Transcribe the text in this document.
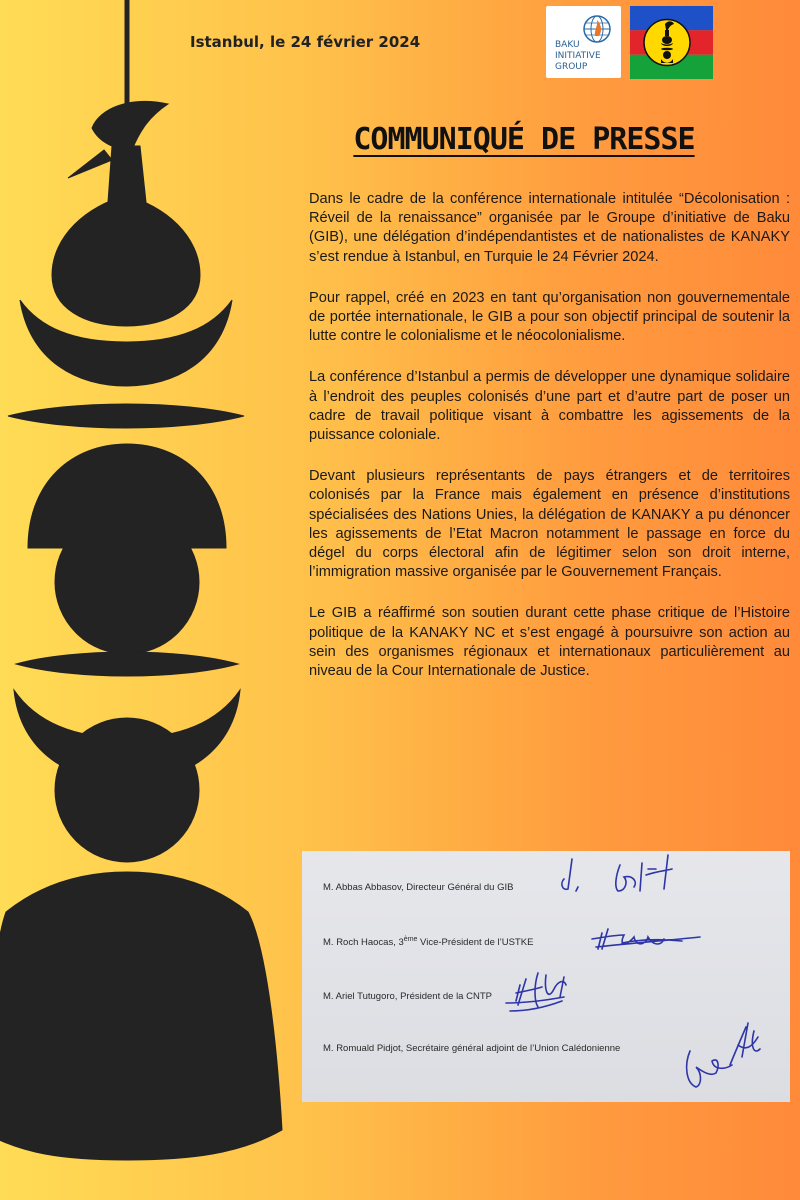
Istanbul, le 24 février 2024	BAKU
INITIATIVE
GROUP
COMMUNIQUÉ DE PRESSE

Dans le cadre de la conférence internationale intitulée “Décolonisation : Réveil de la renaissance” organisée par le Groupe d’initiative de Baku (GIB), une délégation d’indépendantistes et de nationalistes de KANAKY s’est rendue à Istanbul, en Turquie le 24 Février 2024.

Pour rappel, créé en 2023 en tant qu’organisation non gouvernementale de portée internationale, le GIB a pour son objectif principal de soutenir la lutte contre le colonialisme et le néocolonialisme.

La conférence d’Istanbul a permis de développer une dynamique solidaire à l’endroit des peuples colonisés d’une part et d’autre part de poser un cadre de travail politique visant à combattre les agissements de la puissance coloniale.

Devant plusieurs représentants de pays étrangers et de territoires colonisés par la France mais également en présence d’institutions spécialisées des Nations Unies, la délégation de KANAKY a pu dénoncer les agissements de l’Etat Macron notamment le passage en force du dégel du corps électoral afin de légitimer selon son droit interne, l’immigration massive organisée par le Gouvernement Français.

Le GIB a réaffirmé son soutien durant cette phase critique de l’Histoire politique de la KANAKY NC et s’est engagé à poursuivre son action au sein des organismes régionaux et internationaux particulièrement au niveau de la Cour Internationale de Justice.

M. Abbas Abbasov, Directeur Général du GIB
M. Roch Haocas, 3ème Vice-Président de l’USTKE
M. Ariel Tutugoro, Président de la CNTP
M. Romuald Pidjot, Secrétaire général adjoint de l’Union Calédonienne
